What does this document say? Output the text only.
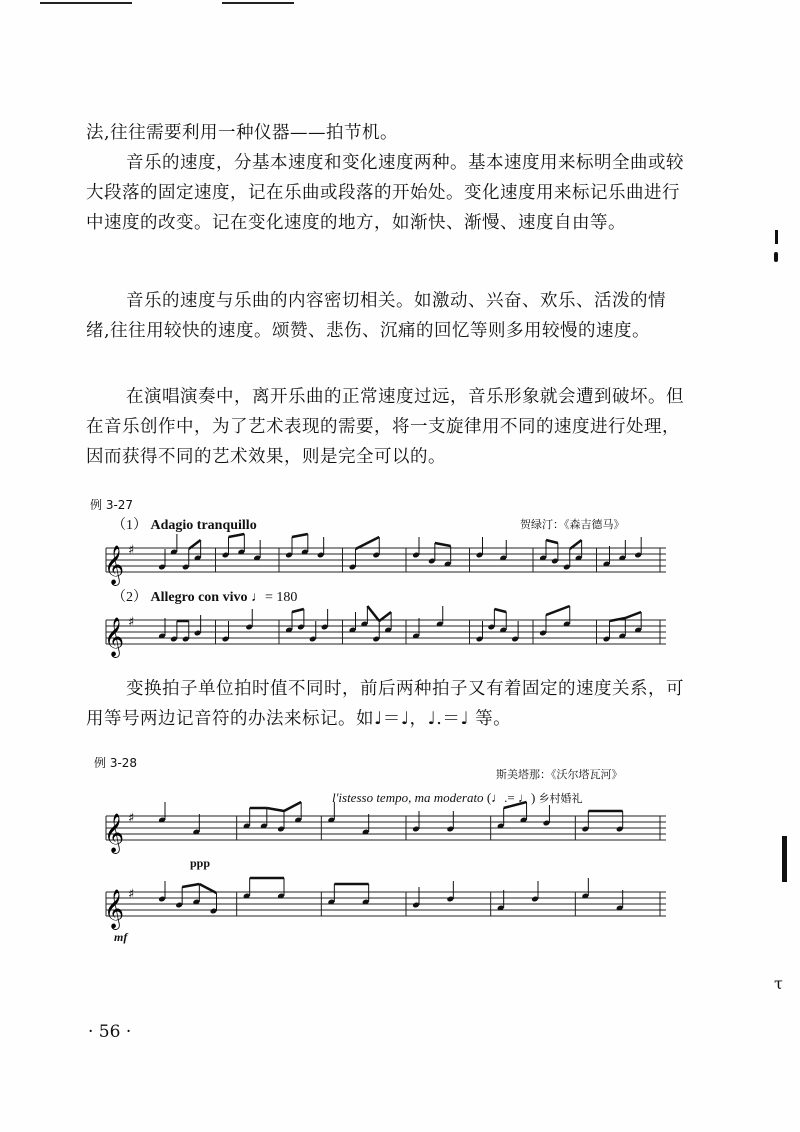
法,往往需要利用一种仪器——拍节机。

音乐的速度，分基本速度和变化速度两种。基本速度用来标明全曲或较大段落的固定速度，记在乐曲或段落的开始处。变化速度用来标记乐曲进行中速度的改变。记在变化速度的地方，如渐快、渐慢、速度自由等。

音乐的速度与乐曲的内容密切相关。如激动、兴奋、欢乐、活泼的情绪,往往用较快的速度。颂赞、悲伤、沉痛的回忆等则多用较慢的速度。

在演唱演奏中，离开乐曲的正常速度过远，音乐形象就会遭到破坏。但在音乐创作中，为了艺术表现的需要，将一支旋律用不同的速度进行处理，因而获得不同的艺术效果，则是完全可以的。

例 3-27
贺绿汀：《森吉德马》
（1） Adagio tranquillo
（2） Allegro con vivo ♩= 180
𝄞 ♯
𝄞 ♯

变换拍子单位拍时值不同时，前后两种拍子又有着固定的速度关系，可用等号两边记音符的办法来标记。如♩＝♩，♩.＝♩ 等。

例 3-28
斯美塔那：《沃尔塔瓦河》
l'istesso tempo, ma moderato (♩.= ♩) 乡村婚礼
ppp
mf
𝄞 ♯
𝄞 ♯
· 56 ·
τ
